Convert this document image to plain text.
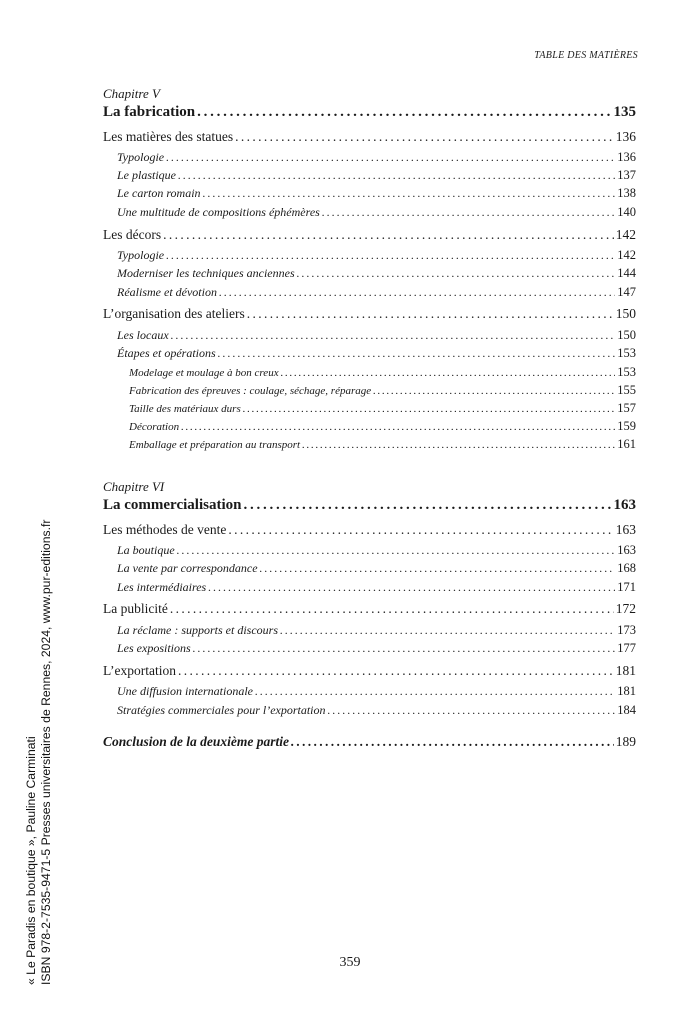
TABLE DES MATIÈRES
Chapitre V
La fabrication . . .	135
Les matières des statues . . .	136
Typologie . . .	136
Le plastique . . .	137
Le carton romain . . .	138
Une multitude de compositions éphémères . . .	140
Les décors . . .	142
Typologie . . .	142
Moderniser les techniques anciennes . . .	144
Réalisme et dévotion . . .	147
L’organisation des ateliers . . .	150
Les locaux . . .	150
Étapes et opérations . . .	153
Modelage et moulage à bon creux . . .	153
Fabrication des épreuves : coulage, séchage, réparage . . .	155
Taille des matériaux durs . . .	157
Décoration . . .	159
Emballage et préparation au transport . . .	161
Chapitre VI
La commercialisation . . .	163
Les méthodes de vente . . .	163
La boutique . . .	163
La vente par correspondance . . .	168
Les intermédiaires . . .	171
La publicité . . .	172
La réclame : supports et discours . . .	173
Les expositions . . .	177
L’exportation . . .	181
Une diffusion internationale . . .	181
Stratégies commerciales pour l’exportation . . .	184
Conclusion de la deuxième partie . . .	189
359
« Le Paradis en boutique », Pauline Carminati ISBN 978-2-7535-9471-5 Presses universitaires de Rennes, 2024, www.pur-editions.fr
